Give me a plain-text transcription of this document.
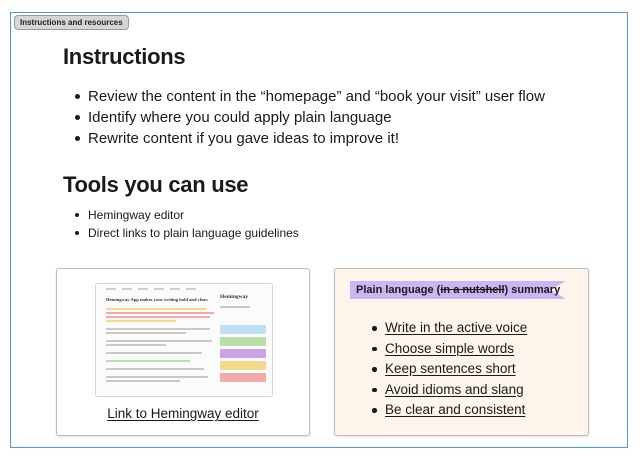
Instructions and resources
Instructions
Review the content in the “homepage” and “book your visit” user flow
Identify where you could apply plain language
Rewrite content if you gave ideas to improve it!
Tools you can use
Hemingway editor
Direct links to plain language guidelines
Hemingway App makes your writing bold and clear. Hemingway
Link to Hemingway editor
Plain language (in a nutshell) summary
Write in the active voice
Choose simple words
Keep sentences short
Avoid idioms and slang
Be clear and consistent
